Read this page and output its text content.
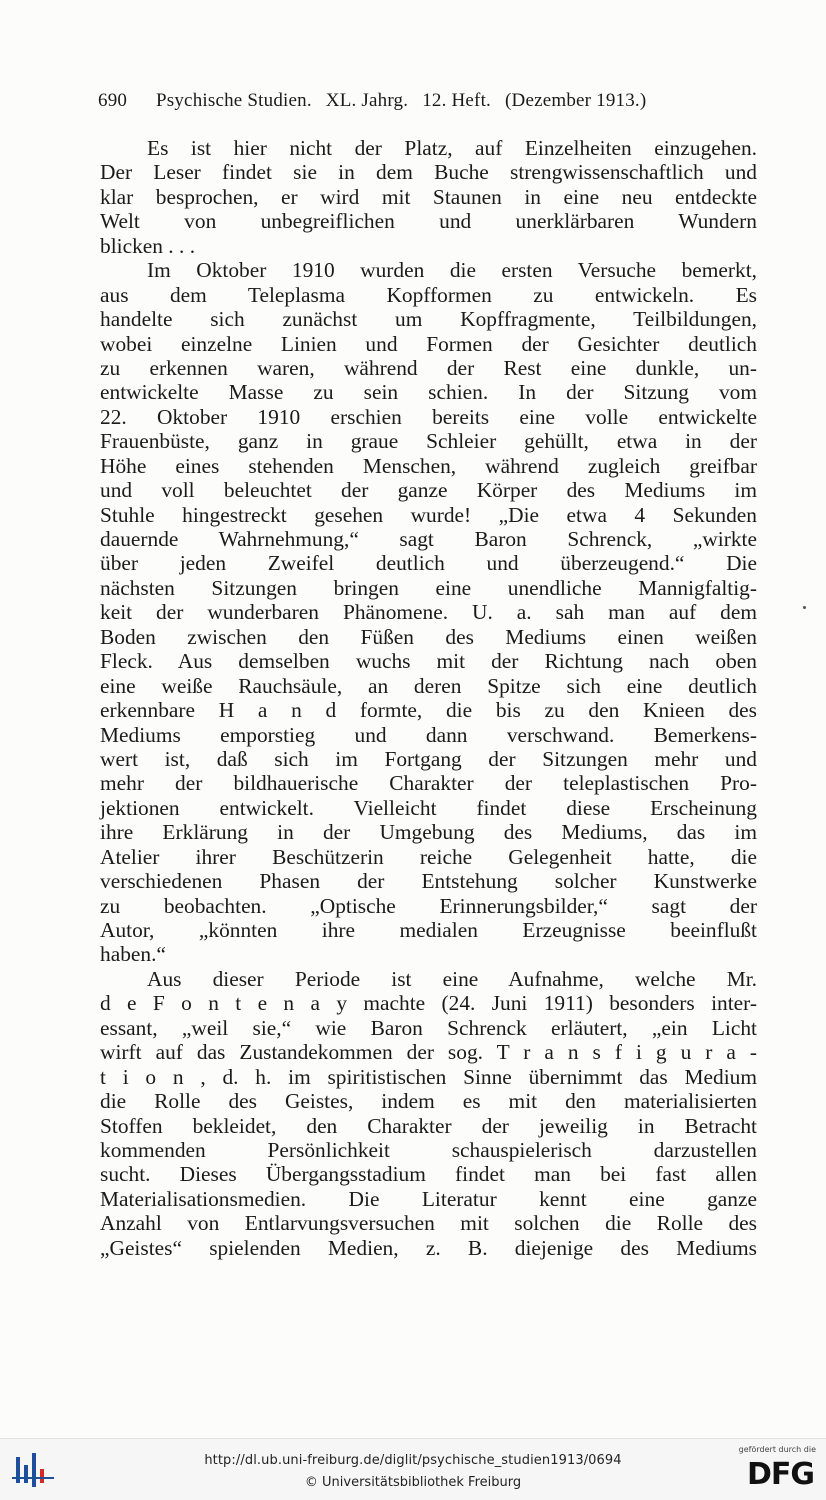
690 Psychische Studien. XL. Jahrg. 12. Heft. (Dezember 1913.)
Es ist hier nicht der Platz, auf Einzelheiten einzugehen.
Der Leser findet sie in dem Buche strengwissenschaftlich und
klar besprochen, er wird mit Staunen in eine neu entdeckte
Welt von unbegreiflichen und unerklärbaren Wundern
blicken . . .
Im Oktober 1910 wurden die ersten Versuche bemerkt,
aus dem Teleplasma Kopfformen zu entwickeln. Es
handelte sich zunächst um Kopffragmente, Teilbildungen,
wobei einzelne Linien und Formen der Gesichter deutlich
zu erkennen waren, während der Rest eine dunkle, un-
entwickelte Masse zu sein schien. In der Sitzung vom
22. Oktober 1910 erschien bereits eine volle entwickelte
Frauenbüste, ganz in graue Schleier gehüllt, etwa in der
Höhe eines stehenden Menschen, während zugleich greifbar
und voll beleuchtet der ganze Körper des Mediums im
Stuhle hingestreckt gesehen wurde! „Die etwa 4 Sekunden
dauernde Wahrnehmung,“ sagt Baron Schrenck, „wirkte
über jeden Zweifel deutlich und überzeugend.“ Die
nächsten Sitzungen bringen eine unendliche Mannigfaltig-
keit der wunderbaren Phänomene. U. a. sah man auf dem
Boden zwischen den Füßen des Mediums einen weißen
Fleck. Aus demselben wuchs mit der Richtung nach oben
eine weiße Rauchsäule, an deren Spitze sich eine deutlich
erkennbare H a n d formte, die bis zu den Knieen des
Mediums emporstieg und dann verschwand. Bemerkens-
wert ist, daß sich im Fortgang der Sitzungen mehr und
mehr der bildhauerische Charakter der teleplastischen Pro-
jektionen entwickelt. Vielleicht findet diese Erscheinung
ihre Erklärung in der Umgebung des Mediums, das im
Atelier ihrer Beschützerin reiche Gelegenheit hatte, die
verschiedenen Phasen der Entstehung solcher Kunstwerke
zu beobachten. „Optische Erinnerungsbilder,“ sagt der
Autor, „könnten ihre medialen Erzeugnisse beeinflußt
haben.“
Aus dieser Periode ist eine Aufnahme, welche Mr.
d e F o n t e n a y machte (24. Juni 1911) besonders inter-
essant, „weil sie,“ wie Baron Schrenck erläutert, „ein Licht
wirft auf das Zustandekommen der sog. T r a n s f i g u r a -
t i o n , d. h. im spiritistischen Sinne übernimmt das Medium
die Rolle des Geistes, indem es mit den materialisierten
Stoffen bekleidet, den Charakter der jeweilig in Betracht
kommenden Persönlichkeit schauspielerisch darzustellen
sucht. Dieses Übergangsstadium findet man bei fast allen
Materialisationsmedien. Die Literatur kennt eine ganze
Anzahl von Entlarvungsversuchen mit solchen die Rolle des
„Geistes“ spielenden Medien, z. B. diejenige des Mediums
http://dl.ub.uni-freiburg.de/diglit/psychische_studien1913/0694
© Universitätsbibliothek Freiburg
gefördert durch die
DFG
